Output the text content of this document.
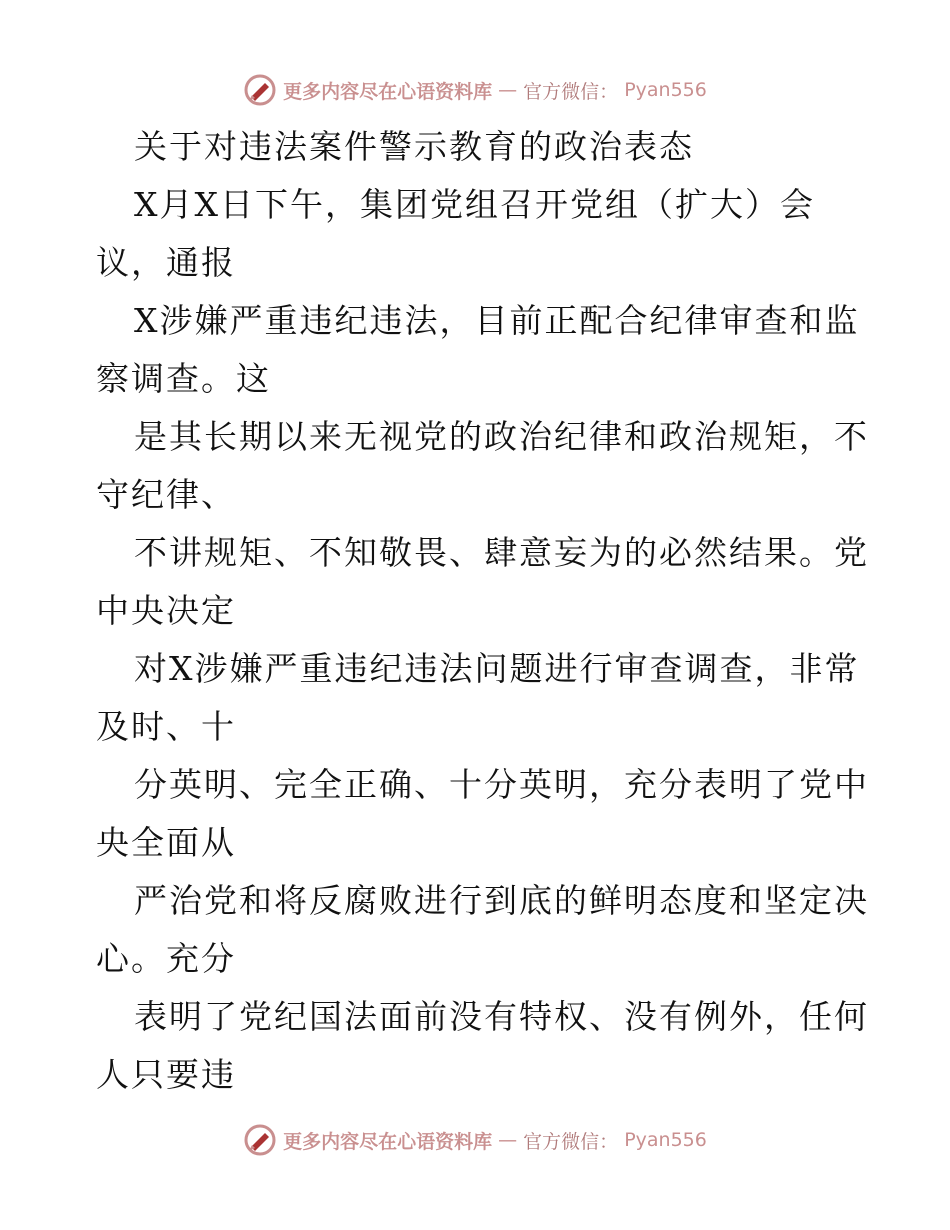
更多内容尽在心语资料库 — 官方微信： Pyan556
关于对违法案件警示教育的政治表态
X月X日下午，集团党组召开党组（扩大）会
议，通报
X涉嫌严重违纪违法，目前正配合纪律审查和监
察调查。这
是其长期以来无视党的政治纪律和政治规矩，不
守纪律、
不讲规矩、不知敬畏、肆意妄为的必然结果。党
中央决定
对X涉嫌严重违纪违法问题进行审查调查，非常
及时、十
分英明、完全正确、十分英明，充分表明了党中
央全面从
严治党和将反腐败进行到底的鲜明态度和坚定决
心。充分
表明了党纪国法面前没有特权、没有例外，任何
人只要违
更多内容尽在心语资料库 — 官方微信： Pyan556
